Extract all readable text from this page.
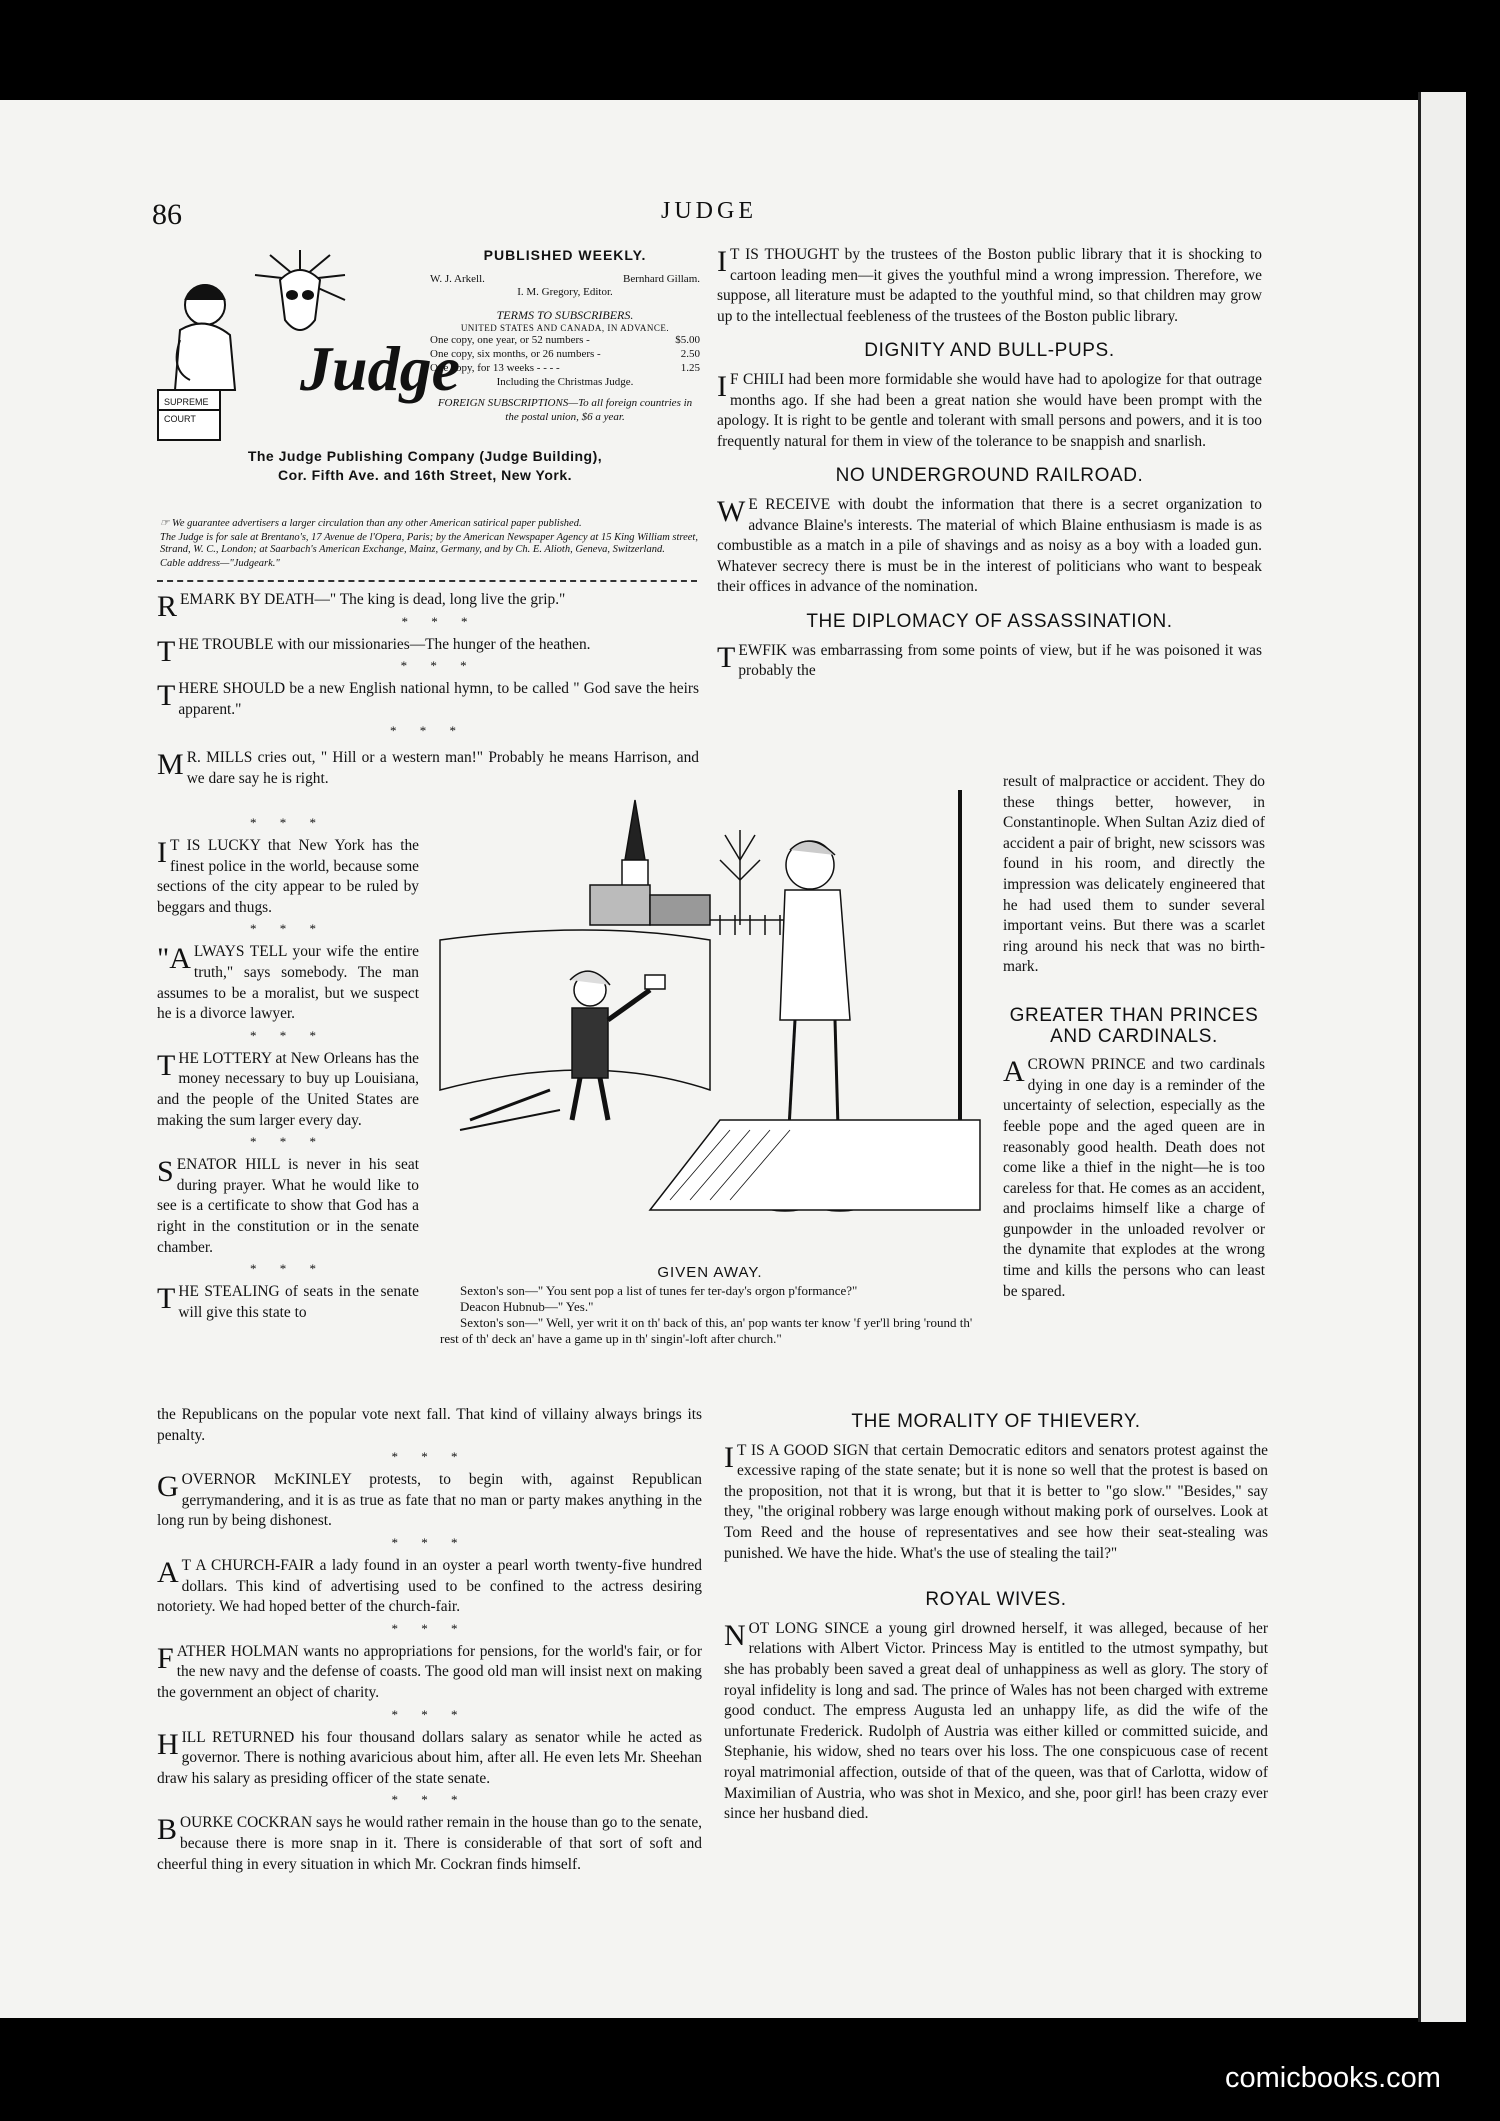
86	JUDGE
Judge
SUPREME
COURT
PUBLISHED WEEKLY.
W. J. Arkell.	Bernhard Gillam.
I. M. Gregory, Editor.
TERMS TO SUBSCRIBERS.
UNITED STATES AND CANADA, IN ADVANCE.
One copy, one year, or 52 numbers -	$5.00
One copy, six months, or 26 numbers -	2.50
One copy, for 13 weeks - - - -	1.25
Including the Christmas Judge.
FOREIGN SUBSCRIPTIONS—To all foreign countries in the postal union, $6 a year.
The Judge Publishing Company (Judge Building),
Cor. Fifth Ave. and 16th Street, New York.

☞ We guarantee advertisers a larger circulation than any other American satirical paper published.

The Judge is for sale at Brentano's, 17 Avenue de l'Opera, Paris; by the American Newspaper Agency at 15 King William street, Strand, W. C., London; at Saarbach's American Exchange, Mainz, Germany, and by Ch. E. Alioth, Geneva, Switzerland.

Cable address—"Judgeark."

REMARK BY DEATH—" The king is dead, long live the grip."

* * *

THE TROUBLE with our missionaries—The hunger of the heathen.

* * *

THERE SHOULD be a new English national hymn, to be called " God save the heirs apparent."

* * *

M R. MILLS cries out, " Hill or a western man!" Probably he means Harrison, and we dare say he is right.

* * *

I T IS LUCKY that New York has the finest police in the world, because some sections of the city appear to be ruled by beggars and thugs.

* * *

"ALWAYS TELL your wife the entire truth," says somebody. The man assumes to be a moralist, but we suspect he is a divorce lawyer.

* * *

THE LOTTERY at New Orleans has the money necessary to buy up Louisiana, and the people of the United States are making the sum larger every day.

* * *

SENATOR HILL is never in his seat during prayer. What he would like to see is a certificate to show that God has a right in the constitution or in the senate chamber.

* * *

THE STEALING of seats in the senate will give this state to

the Republicans on the popular vote next fall. That kind of villainy always brings its penalty.

* * *

GOVERNOR McKINLEY protests, to begin with, against Republican gerrymandering, and it is as true as fate that no man or party makes anything in the long run by being dishonest.

* * *

A T A CHURCH-FAIR a lady found in an oyster a pearl worth twenty-five hundred dollars. This kind of advertising used to be confined to the actress desiring notoriety. We had hoped better of the church-fair.

* * *

FATHER HOLMAN wants no appropriations for pensions, for the world's fair, or for the new navy and the defense of coasts. The good old man will insist next on making the government an object of charity.

* * *

HILL RETURNED his four thousand dollars salary as senator while he acted as governor. There is nothing avaricious about him, after all. He even lets Mr. Sheehan draw his salary as presiding officer of the state senate.

* * *

BOURKE COCKRAN says he would rather remain in the house than go to the senate, because there is more snap in it. There is considerable of that sort of soft and cheerful thing in every situation in which Mr. Cockran finds himself.

I T IS THOUGHT by the trustees of the Boston public library that it is shocking to cartoon leading men—it gives the youthful mind a wrong impression. Therefore, we suppose, all literature must be adapted to the youthful mind, so that children may grow up to the intellectual feebleness of the trustees of the Boston public library.

DIGNITY AND BULL-PUPS.

I F CHILI had been more formidable she would have had to apologize for that outrage months ago. If she had been a great nation she would have been prompt with the apology. It is right to be gentle and tolerant with small persons and powers, and it is too frequently natural for them in view of the tolerance to be snappish and snarlish.

NO UNDERGROUND RAILROAD.

W E RECEIVE with doubt the information that there is a secret organization to advance Blaine's interests. The material of which Blaine enthusiasm is made is as combustible as a match in a pile of shavings and as noisy as a boy with a loaded gun. Whatever secrecy there is must be in the interest of politicians who want to bespeak their offices in advance of the nomination.

THE DIPLOMACY OF ASSASSINATION.

TEWFIK was embarrassing from some points of view, but if he was poisoned it was probably the

result of malpractice or accident. They do these things better, however, in Constantinople. When Sultan Aziz died of accident a pair of bright, new scissors was found in his room, and directly the impression was delicately engineered that he had used them to sunder several important veins. But there was a scarlet ring around his neck that was no birth-mark.

GREATER THAN PRINCES AND CARDINALS.

ACROWN PRINCE and two cardinals dying in one day is a reminder of the uncertainty of selection, especially as the feeble pope and the aged queen are in reasonably good health. Death does not come like a thief in the night—he is too careless for that. He comes as an accident, and proclaims himself like a charge of gunpowder in the unloaded revolver or the dynamite that explodes at the wrong time and kills the persons who can least be spared.

THE MORALITY OF THIEVERY.

I T IS A GOOD SIGN that certain Democratic editors and senators protest against the excessive raping of the state senate; but it is none so well that the protest is based on the proposition, not that it is wrong, but that it is better to "go slow." "Besides," say they, "the original robbery was large enough without making pork of ourselves. Look at Tom Reed and the house of representatives and see how their seat-stealing was punished. We have the hide. What's the use of stealing the tail?"

ROYAL WIVES.

NOT LONG SINCE a young girl drowned herself, it was alleged, because of her relations with Albert Victor. Princess May is entitled to the utmost sympathy, but she has probably been saved a great deal of unhappiness as well as glory. The story of royal infidelity is long and sad. The prince of Wales has not been charged with extreme good conduct. The empress Augusta led an unhappy life, as did the wife of the unfortunate Frederick. Rudolph of Austria was either killed or committed suicide, and Stephanie, his widow, shed no tears over his loss. The one conspicuous case of recent royal matrimonial affection, outside of that of the queen, was that of Carlotta, widow of Maximilian of Austria, who was shot in Mexico, and she, poor girl! has been crazy ever since her husband died.

GIVEN AWAY.

Sexton's son—" You sent pop a list of tunes fer ter-day's orgon p'formance?"

Deacon Hubnub—" Yes."

Sexton's son—" Well, yer writ it on th' back of this, an' pop wants ter know 'f yer'll bring 'round th' rest of th' deck an' have a game up in th' singin'-loft after church."

comicbooks.com
